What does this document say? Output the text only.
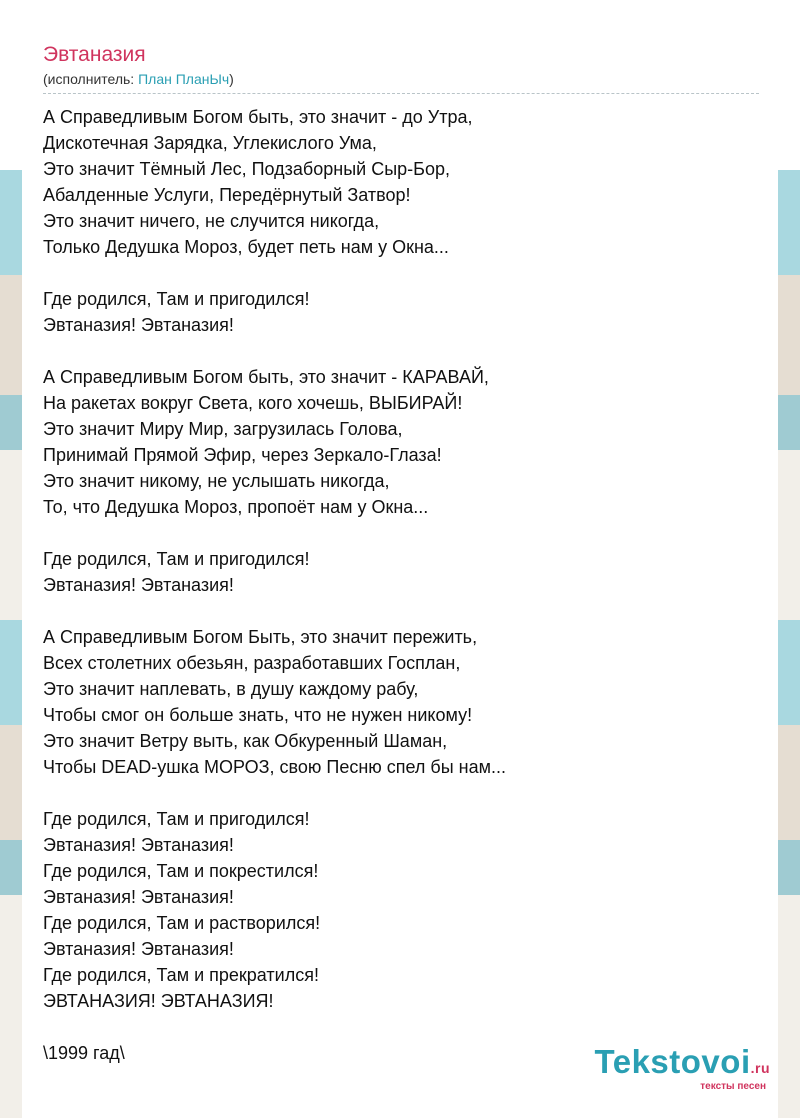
Эвтаназия
(исполнитель: План ПланЫч)
А Справедливым Богом быть, это значит - до Утра,
Дискотечная Зарядка, Углекислого Ума,
Это значит Тёмный Лес, Подзаборный Сыр-Бор,
Абалденные Услуги, Передёрнутый Затвор!
Это значит ничего, не случится никогда,
Только Дедушка Мороз, будет петь нам у Окна...
Где родился, Там и пригодился!
Эвтаназия! Эвтаназия!
А Справедливым Богом быть, это значит - КАРАВАЙ,
На ракетах вокруг Света, кого хочешь, ВЫБИРАЙ!
Это значит Миру Мир, загрузилась Голова,
Принимай Прямой Эфир, через Зеркало-Глаза!
Это значит никому, не услышать никогда,
То, что Дедушка Мороз, пропоёт нам у Окна...
Где родился, Там и пригодился!
Эвтаназия! Эвтаназия!
А Справедливым Богом Быть, это значит пережить,
Всех столетних обезьян, разработавших Госплан,
Это значит наплевать, в душу каждому рабу,
Чтобы смог он больше знать, что не нужен никому!
Это значит Ветру выть, как Обкуренный Шаман,
Чтобы DEAD-ушка МОРОЗ, свою Песню спел бы нам...
Где родился, Там и пригодился!
Эвтаназия! Эвтаназия!
Где родился, Там и покрестился!
Эвтаназия! Эвтаназия!
Где родился, Там и растворился!
Эвтаназия! Эвтаназия!
Где родился, Там и прекратился!
ЭВТАНАЗИЯ! ЭВТАНАЗИЯ!
\1999 гад\	Tekstovoi.ru
тексты песен
